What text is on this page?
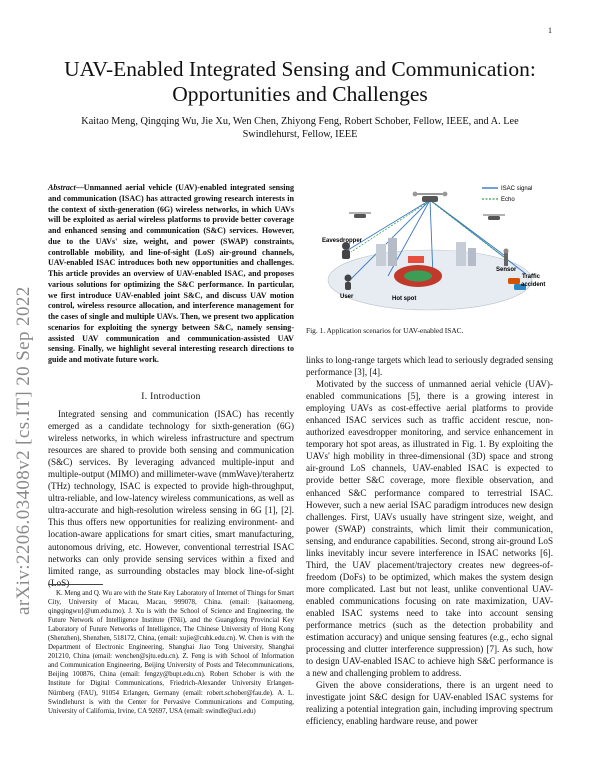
1
UAV-Enabled Integrated Sensing and Communication: Opportunities and Challenges
Kaitao Meng, Qingqing Wu, Jie Xu, Wen Chen, Zhiyong Feng, Robert Schober, Fellow, IEEE, and A. Lee Swindlehurst, Fellow, IEEE
arXiv:2206.03408v2 [cs.IT] 20 Sep 2022
Abstract—Unmanned aerial vehicle (UAV)-enabled integrated sensing and communication (ISAC) has attracted growing research interests in the context of sixth-generation (6G) wireless networks, in which UAVs will be exploited as aerial wireless platforms to provide better coverage and enhanced sensing and communication (S&C) services. However, due to the UAVs' size, weight, and power (SWAP) constraints, controllable mobility, and line-of-sight (LoS) air-ground channels, UAV-enabled ISAC introduces both new opportunities and challenges. This article provides an overview of UAV-enabled ISAC, and proposes various solutions for optimizing the S&C performance. In particular, we first introduce UAV-enabled joint S&C, and discuss UAV motion control, wireless resource allocation, and interference management for the cases of single and multiple UAVs. Then, we present two application scenarios for exploiting the synergy between S&C, namely sensing-assisted UAV communication and communication-assisted UAV sensing. Finally, we highlight several interesting research directions to guide and motivate future work.
I. Introduction
Integrated sensing and communication (ISAC) has recently emerged as a candidate technology for sixth-generation (6G) wireless networks, in which wireless infrastructure and spectrum resources are shared to provide both sensing and communication (S&C) services. By leveraging advanced multiple-input and multiple-output (MIMO) and millimeter-wave (mmWave)/terahertz (THz) technology, ISAC is expected to provide high-throughput, ultra-reliable, and low-latency wireless communications, as well as ultra-accurate and high-resolution wireless sensing in 6G [1], [2]. This thus offers new opportunities for realizing environment- and location-aware applications for smart cities, smart manufacturing, autonomous driving, etc. However, conventional terrestrial ISAC networks can only provide sensing services within a fixed and limited range, as surrounding obstacles may block line-of-sight (LoS)
K. Meng and Q. Wu are with the State Key Laboratory of Internet of Things for Smart City, University of Macau, Macau, 999078, China. (email: {kaitaomeng, qingqingwu}@um.edu.mo). J. Xu is with the School of Science and Engineering, the Future Network of Intelligence Institute (FNii), and the Guangdong Provincial Key Laboratory of Future Networks of Intelligence, The Chinese University of Hong Kong (Shenzhen), Shenzhen, 518172, China, (email: xujie@cuhk.edu.cn). W. Chen is with the Department of Electronic Engineering, Shanghai Jiao Tong University, Shanghai 201210, China (email: wenchen@sjtu.edu.cn). Z. Feng is with School of Information and Communication Engineering, Beijing University of Posts and Telecommunications, Beijing 100876, China (email: fengzy@bupt.edu.cn). Robert Schober is with the Institute for Digital Communications, Friedrich-Alexander University Erlangen-Nürnberg (FAU), 91054 Erlangen, Germany (email: robert.schober@fau.de). A. L. Swindlehurst is with the Center for Pervasive Communications and Computing, University of California, Irvine, CA 92697, USA (email: swindle@uci.edu)
ISAC signal
Echo
Eavesdropper
Hot spot
Sensor
Traffic accident
User
Fig. 1. Application scenarios for UAV-enabled ISAC.

links to long-range targets which lead to seriously degraded sensing performance [3], [4].

Motivated by the success of unmanned aerial vehicle (UAV)-enabled communications [5], there is a growing interest in employing UAVs as cost-effective aerial platforms to provide enhanced ISAC services such as traffic accident rescue, non-authorized eavesdropper monitoring, and service enhancement in temporary hot spot areas, as illustrated in Fig. 1. By exploiting the UAVs' high mobility in three-dimensional (3D) space and strong air-ground LoS channels, UAV-enabled ISAC is expected to provide better S&C coverage, more flexible observation, and enhanced S&C performance compared to terrestrial ISAC. However, such a new aerial ISAC paradigm introduces new design challenges. First, UAVs usually have stringent size, weight, and power (SWAP) constraints, which limit their communication, sensing, and endurance capabilities. Second, strong air-ground LoS links inevitably incur severe interference in ISAC networks [6]. Third, the UAV placement/trajectory creates new degrees-of-freedom (DoFs) to be optimized, which makes the system design more complicated. Last but not least, unlike conventional UAV-enabled communications focusing on rate maximization, UAV-enabled ISAC systems need to take into account sensing performance metrics (such as the detection probability and estimation accuracy) and unique sensing features (e.g., echo signal processing and clutter interference suppression) [7]. As such, how to design UAV-enabled ISAC to achieve high S&C performance is a new and challenging problem to address.

Given the above considerations, there is an urgent need to investigate joint S&C design for UAV-enabled ISAC systems for realizing a potential integration gain, including improving spectrum efficiency, enabling hardware reuse, and power
